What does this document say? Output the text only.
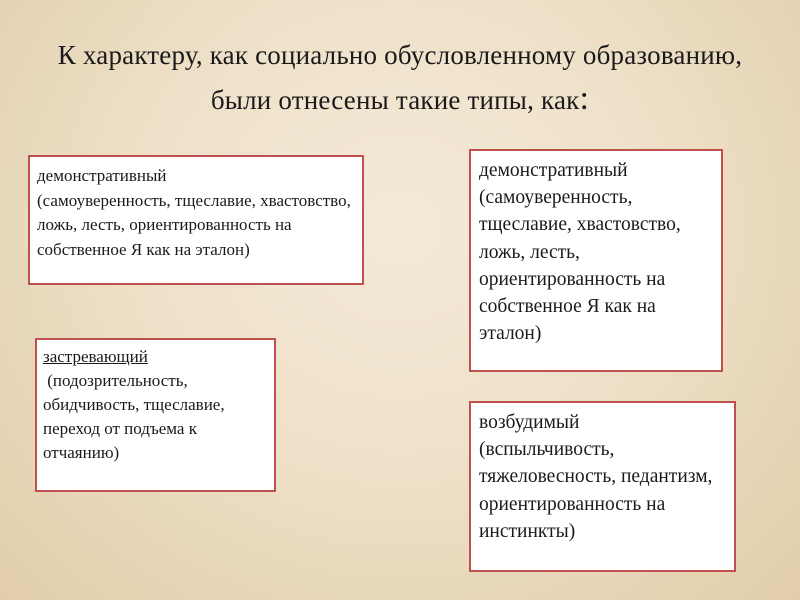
К характеру, как социально обусловленному образованию, были отнесены такие типы, как:

демонстративный

(самоуверенность, тщеславие, хвастовство, ложь, лесть, ориентированность на собственное Я как на эталон)

демонстративный

(самоуверенность, тщеславие, хвастовство, ложь, лесть, ориентированность на собственное Я как на эталон)

застревающий

(подозрительность, обидчивость, тщеславие, переход от подъема к отчаянию)

возбудимый

(вспыльчивость, тяжеловесность, педантизм, ориентированность на инстинкты)
